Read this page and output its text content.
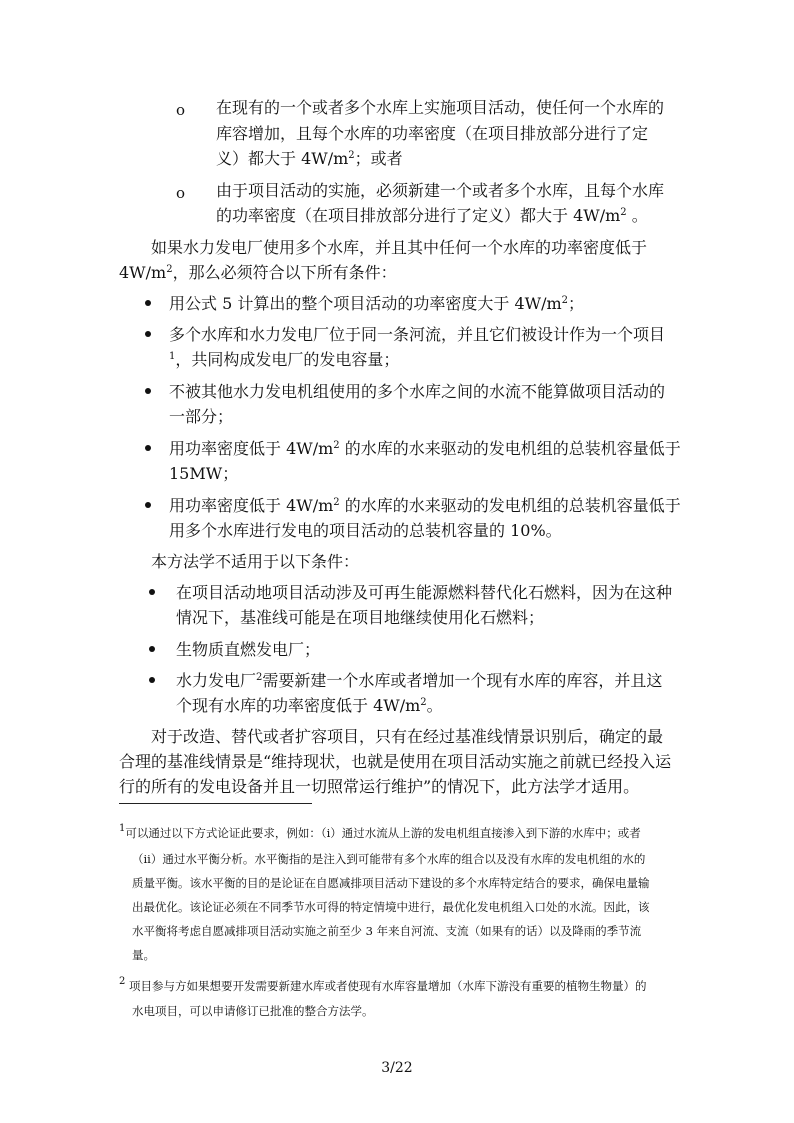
o 在现有的一个或者多个水库上实施项目活动，使任何一个水库的
库容增加，且每个水库的功率密度（在项目排放部分进行了定
义）都大于 $4W/m^2$；或者
o 由于项目活动的实施，必须新建一个或者多个水库，且每个水库
的功率密度（在项目排放部分进行了定义）都大于 $4W/m^2$ 。
如果水力发电厂使用多个水库，并且其中任何一个水库的功率密度低于
$4W/m^2$，那么必须符合以下所有条件：
用公式 5 计算出的整个项目活动的功率密度大于 $4W/m^2$；
多个水库和水力发电厂位于同一条河流，并且它们被设计作为一个项目
$^1$，共同构成发电厂的发电容量；
不被其他水力发电机组使用的多个水库之间的水流不能算做项目活动的
一部分；
用功率密度低于 $4W/m^2$ 的水库的水来驱动的发电机组的总装机容量低于
15MW；
用功率密度低于 $4W/m^2$ 的水库的水来驱动的发电机组的总装机容量低于
用多个水库进行发电的项目活动的总装机容量的 10%。
本方法学不适用于以下条件：
在项目活动地项目活动涉及可再生能源燃料替代化石燃料，因为在这种
情况下，基准线可能是在项目地继续使用化石燃料；
生物质直燃发电厂；
水力发电厂$^2$需要新建一个水库或者增加一个现有水库的库容，并且这
个现有水库的功率密度低于 $4W/m^2$。
对于改造、替代或者扩容项目，只有在经过基准线情景识别后，确定的最
合理的基准线情景是“维持现状，也就是使用在项目活动实施之前就已经投入运
行的所有的发电设备并且一切照常运行维护”的情况下，此方法学才适用。
$^1$可以通过以下方式论证此要求，例如：（i）通过水流从上游的发电机组直接渗入到下游的水库中；或者
（ii）通过水平衡分析。水平衡指的是注入到可能带有多个水库的组合以及没有水库的发电机组的水的
质量平衡。该水平衡的目的是论证在自愿减排项目活动下建设的多个水库特定结合的要求，确保电量输
出最优化。该论证必须在不同季节水可得的特定情境中进行，最优化发电机组入口处的水流。因此，该
水平衡将考虑自愿减排项目活动实施之前至少 3 年来自河流、支流（如果有的话）以及降雨的季节流
量。
$^2$ 项目参与方如果想要开发需要新建水库或者使现有水库容量增加（水库下游没有重要的植物生物量）的
水电项目，可以申请修订已批准的整合方法学。
3/22
